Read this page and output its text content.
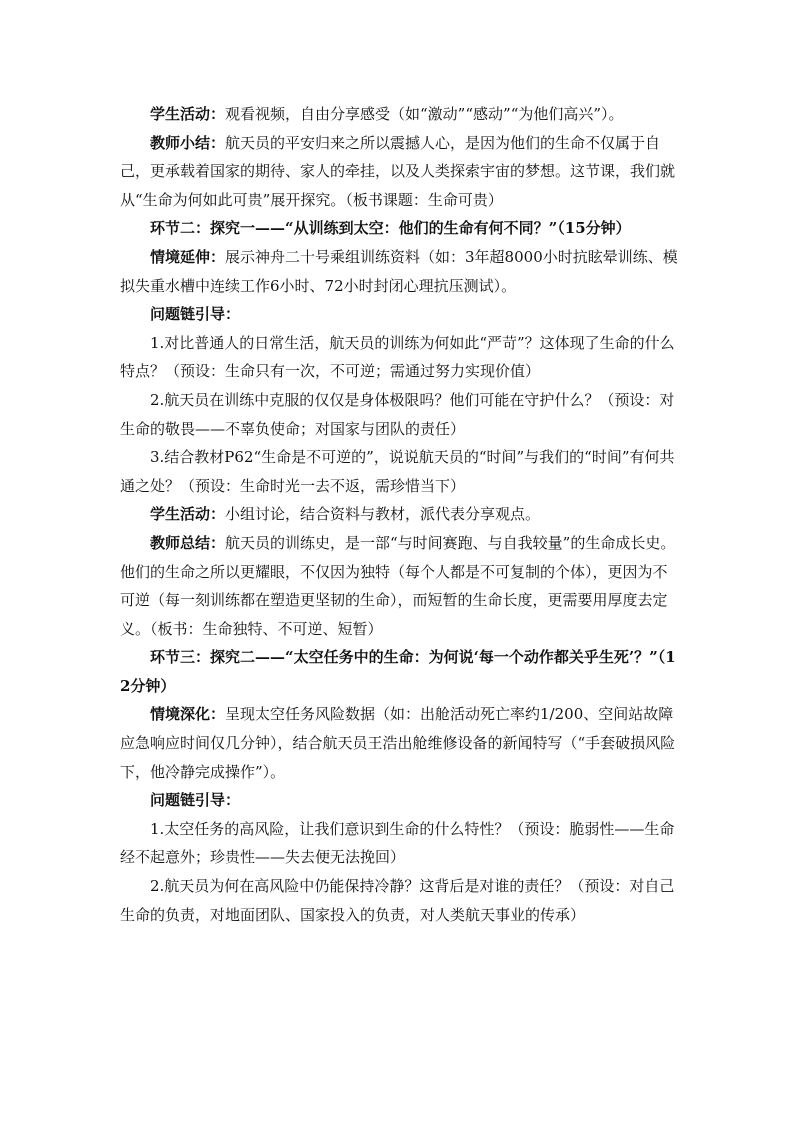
学生活动：观看视频，自由分享感受（如“激动”“感动”“为他们高兴”）。

教师小结：航天员的平安归来之所以震撼人心，是因为他们的生命不仅属于自己，更承载着国家的期待、家人的牵挂，以及人类探索宇宙的梦想。这节课，我们就从“生命为何如此可贵”展开探究。（板书课题：生命可贵）

环节二：探究一——“从训练到太空：他们的生命有何不同？”（15分钟）

情境延伸：展示神舟二十号乘组训练资料（如：3年超8000小时抗眩晕训练、模拟失重水槽中连续工作6小时、72小时封闭心理抗压测试）。

问题链引导：

1.对比普通人的日常生活，航天员的训练为何如此“严苛”？这体现了生命的什么特点？（预设：生命只有一次，不可逆；需通过努力实现价值）

2.航天员在训练中克服的仅仅是身体极限吗？他们可能在守护什么？（预设：对生命的敬畏——不辜负使命；对国家与团队的责任）

3.结合教材P62“生命是不可逆的”，说说航天员的“时间”与我们的“时间”有何共通之处？（预设：生命时光一去不返，需珍惜当下）

学生活动：小组讨论，结合资料与教材，派代表分享观点。

教师总结：航天员的训练史，是一部“与时间赛跑、与自我较量”的生命成长史。他们的生命之所以更耀眼，不仅因为独特（每个人都是不可复制的个体），更因为不可逆（每一刻训练都在塑造更坚韧的生命），而短暂的生命长度，更需要用厚度去定义。（板书：生命独特、不可逆、短暂）

环节三：探究二——“太空任务中的生命：为何说‘每一个动作都关乎生死’？”（12分钟）

情境深化：呈现太空任务风险数据（如：出舱活动死亡率约1/200、空间站故障应急响应时间仅几分钟），结合航天员王浩出舱维修设备的新闻特写（“手套破损风险下，他冷静完成操作”）。

问题链引导：

1.太空任务的高风险，让我们意识到生命的什么特性？（预设：脆弱性——生命经不起意外；珍贵性——失去便无法挽回）

2.航天员为何在高风险中仍能保持冷静？这背后是对谁的责任？（预设：对自己生命的负责，对地面团队、国家投入的负责，对人类航天事业的传承）
